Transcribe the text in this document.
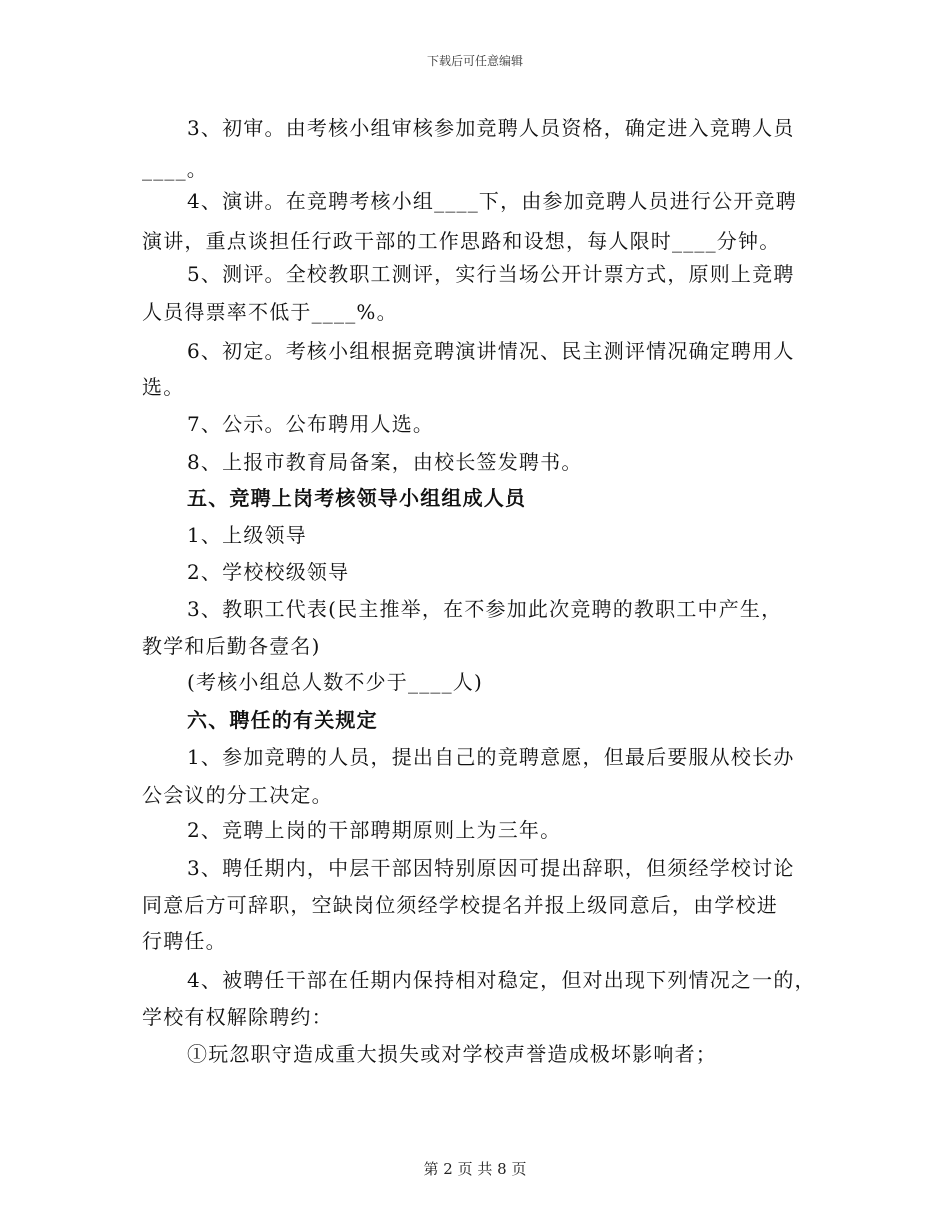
下载后可任意编辑
3、初审。由考核小组审核参加竞聘人员资格，确定进入竞聘人员
____。
4、演讲。在竞聘考核小组____下，由参加竞聘人员进行公开竞聘
演讲，重点谈担任行政干部的工作思路和设想，每人限时____分钟。
5、测评。全校教职工测评，实行当场公开计票方式，原则上竞聘
人员得票率不低于____%。
6、初定。考核小组根据竞聘演讲情况、民主测评情况确定聘用人
选。
7、公示。公布聘用人选。
8、上报市教育局备案，由校长签发聘书。
五、竞聘上岗考核领导小组组成人员
1、上级领导
2、学校校级领导
3、教职工代表(民主推举，在不参加此次竞聘的教职工中产生，
教学和后勤各壹名)
(考核小组总人数不少于____人)
六、聘任的有关规定
1、参加竞聘的人员，提出自己的竞聘意愿，但最后要服从校长办
公会议的分工决定。
2、竞聘上岗的干部聘期原则上为三年。
3、聘任期内，中层干部因特别原因可提出辞职，但须经学校讨论
同意后方可辞职，空缺岗位须经学校提名并报上级同意后，由学校进
行聘任。
4、被聘任干部在任期内保持相对稳定，但对出现下列情况之一的，
学校有权解除聘约：
①玩忽职守造成重大损失或对学校声誉造成极坏影响者；
第 2 页 共 8 页
